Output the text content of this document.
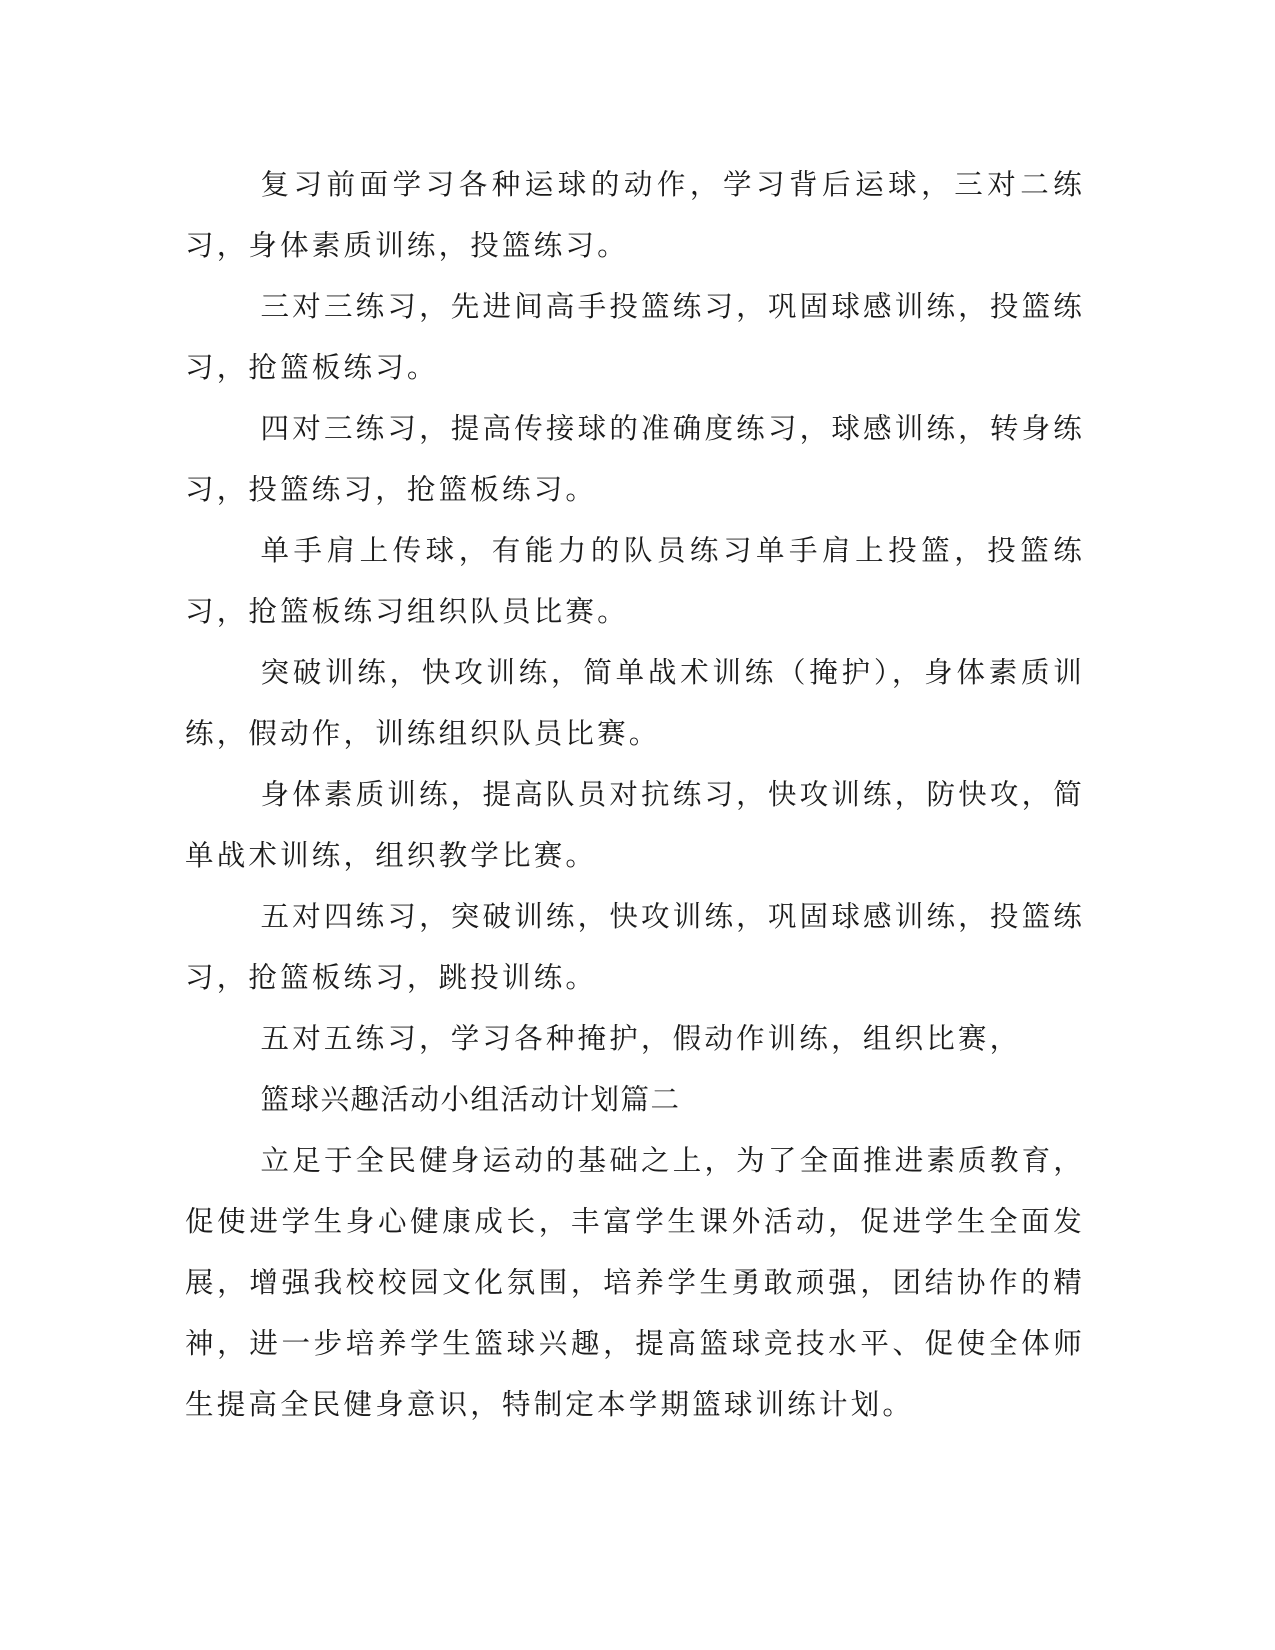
复习前面学习各种运球的动作，学习背后运球，三对二练习，身体素质训练，投篮练习。

三对三练习，先进间高手投篮练习，巩固球感训练，投篮练习，抢篮板练习。

四对三练习，提高传接球的准确度练习，球感训练，转身练习，投篮练习，抢篮板练习。

单手肩上传球，有能力的队员练习单手肩上投篮，投篮练习，抢篮板练习组织队员比赛。

突破训练，快攻训练，简单战术训练（掩护），身体素质训练，假动作，训练组织队员比赛。

身体素质训练，提高队员对抗练习，快攻训练，防快攻，简单战术训练，组织教学比赛。

五对四练习，突破训练，快攻训练，巩固球感训练，投篮练习，抢篮板练习，跳投训练。

五对五练习，学习各种掩护，假动作训练，组织比赛，

篮球兴趣活动小组活动计划篇二

立足于全民健身运动的基础之上，为了全面推进素质教育，促使进学生身心健康成长，丰富学生课外活动，促进学生全面发展，增强我校校园文化氛围，培养学生勇敢顽强，团结协作的精神，进一步培养学生篮球兴趣，提高篮球竞技水平、促使全体师生提高全民健身意识，特制定本学期篮球训练计划。
